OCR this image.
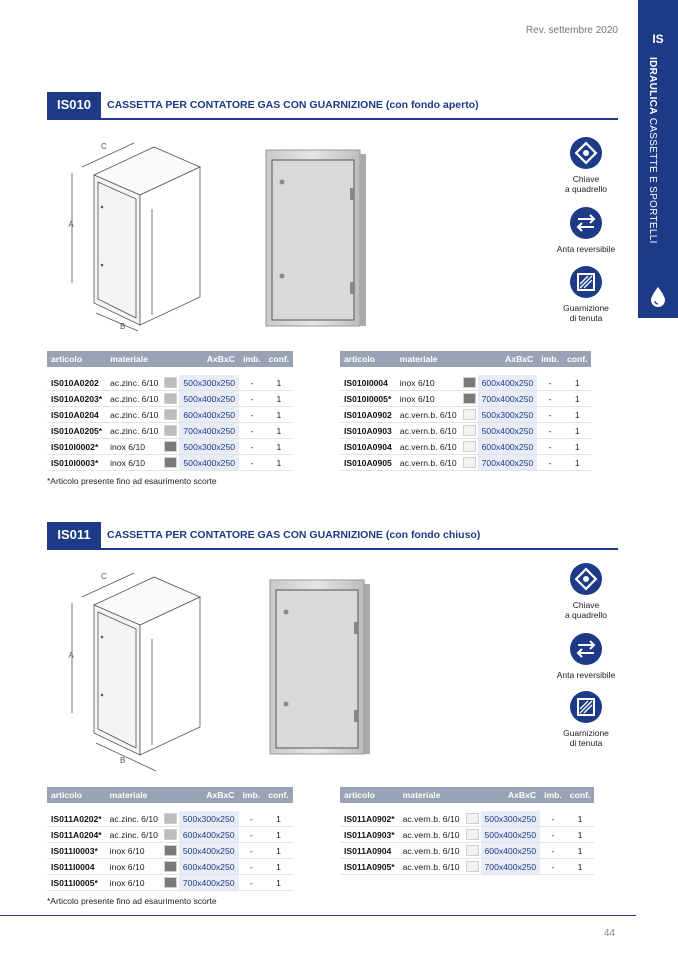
Rev. settembre 2020
IS
IDRAULICA CASSETTE E SPORTELLI
IS010	CASSETTA PER CONTATORE GAS CON GUARNIZIONE (con fondo aperto)
A
B
C
Chiave
a quadrello
Anta reversibile
Guarnizione
di tenuta
articolo	materiale		AxBxC	imb.	conf.

IS010A0202	ac.zinc. 6/10		500x300x250	-	1
IS010A0203*	ac.zinc. 6/10		500x400x250	-	1
IS010A0204	ac.zinc. 6/10		600x400x250	-	1
IS010A0205*	ac.zinc. 6/10		700x400x250	-	1
IS010I0002*	inox 6/10		500x300x250	-	1
IS010I0003*	inox 6/10		500x400x250	-	1
articolo	materiale		AxBxC	imb.	conf.

IS010I0004	inox 6/10		600x400x250	-	1
IS010I0005*	inox 6/10		700x400x250	-	1
IS010A0902	ac.vern.b. 6/10		500x300x250	-	1
IS010A0903	ac.vern.b. 6/10		500x400x250	-	1
IS010A0904	ac.vern.b. 6/10		600x400x250	-	1
IS010A0905	ac.vern.b. 6/10		700x400x250	-	1
*Articolo presente fino ad esaurimento scorte
IS011	CASSETTA PER CONTATORE GAS CON GUARNIZIONE (con fondo chiuso)
A
B
C
Chiave
a quadrello
Anta reversibile
Guarnizione
di tenuta
articolo	materiale		AxBxC	imb.	conf.

IS011A0202*	ac.zinc. 6/10		500x300x250	-	1
IS011A0204*	ac.zinc. 6/10		600x400x250	-	1
IS011I0003*	inox 6/10		500x400x250	-	1
IS011I0004	inox 6/10		600x400x250	-	1
IS011I0005*	inox 6/10		700x400x250	-	1
articolo	materiale		AxBxC	imb.	conf.

IS011A0902*	ac.vern.b. 6/10		500x300x250	-	1
IS011A0903*	ac.vern.b. 6/10		500x400x250	-	1
IS011A0904	ac.vern.b. 6/10		600x400x250	-	1
IS011A0905*	ac.vern.b. 6/10		700x400x250	-	1
*Articolo presente fino ad esaurimento scorte
44
